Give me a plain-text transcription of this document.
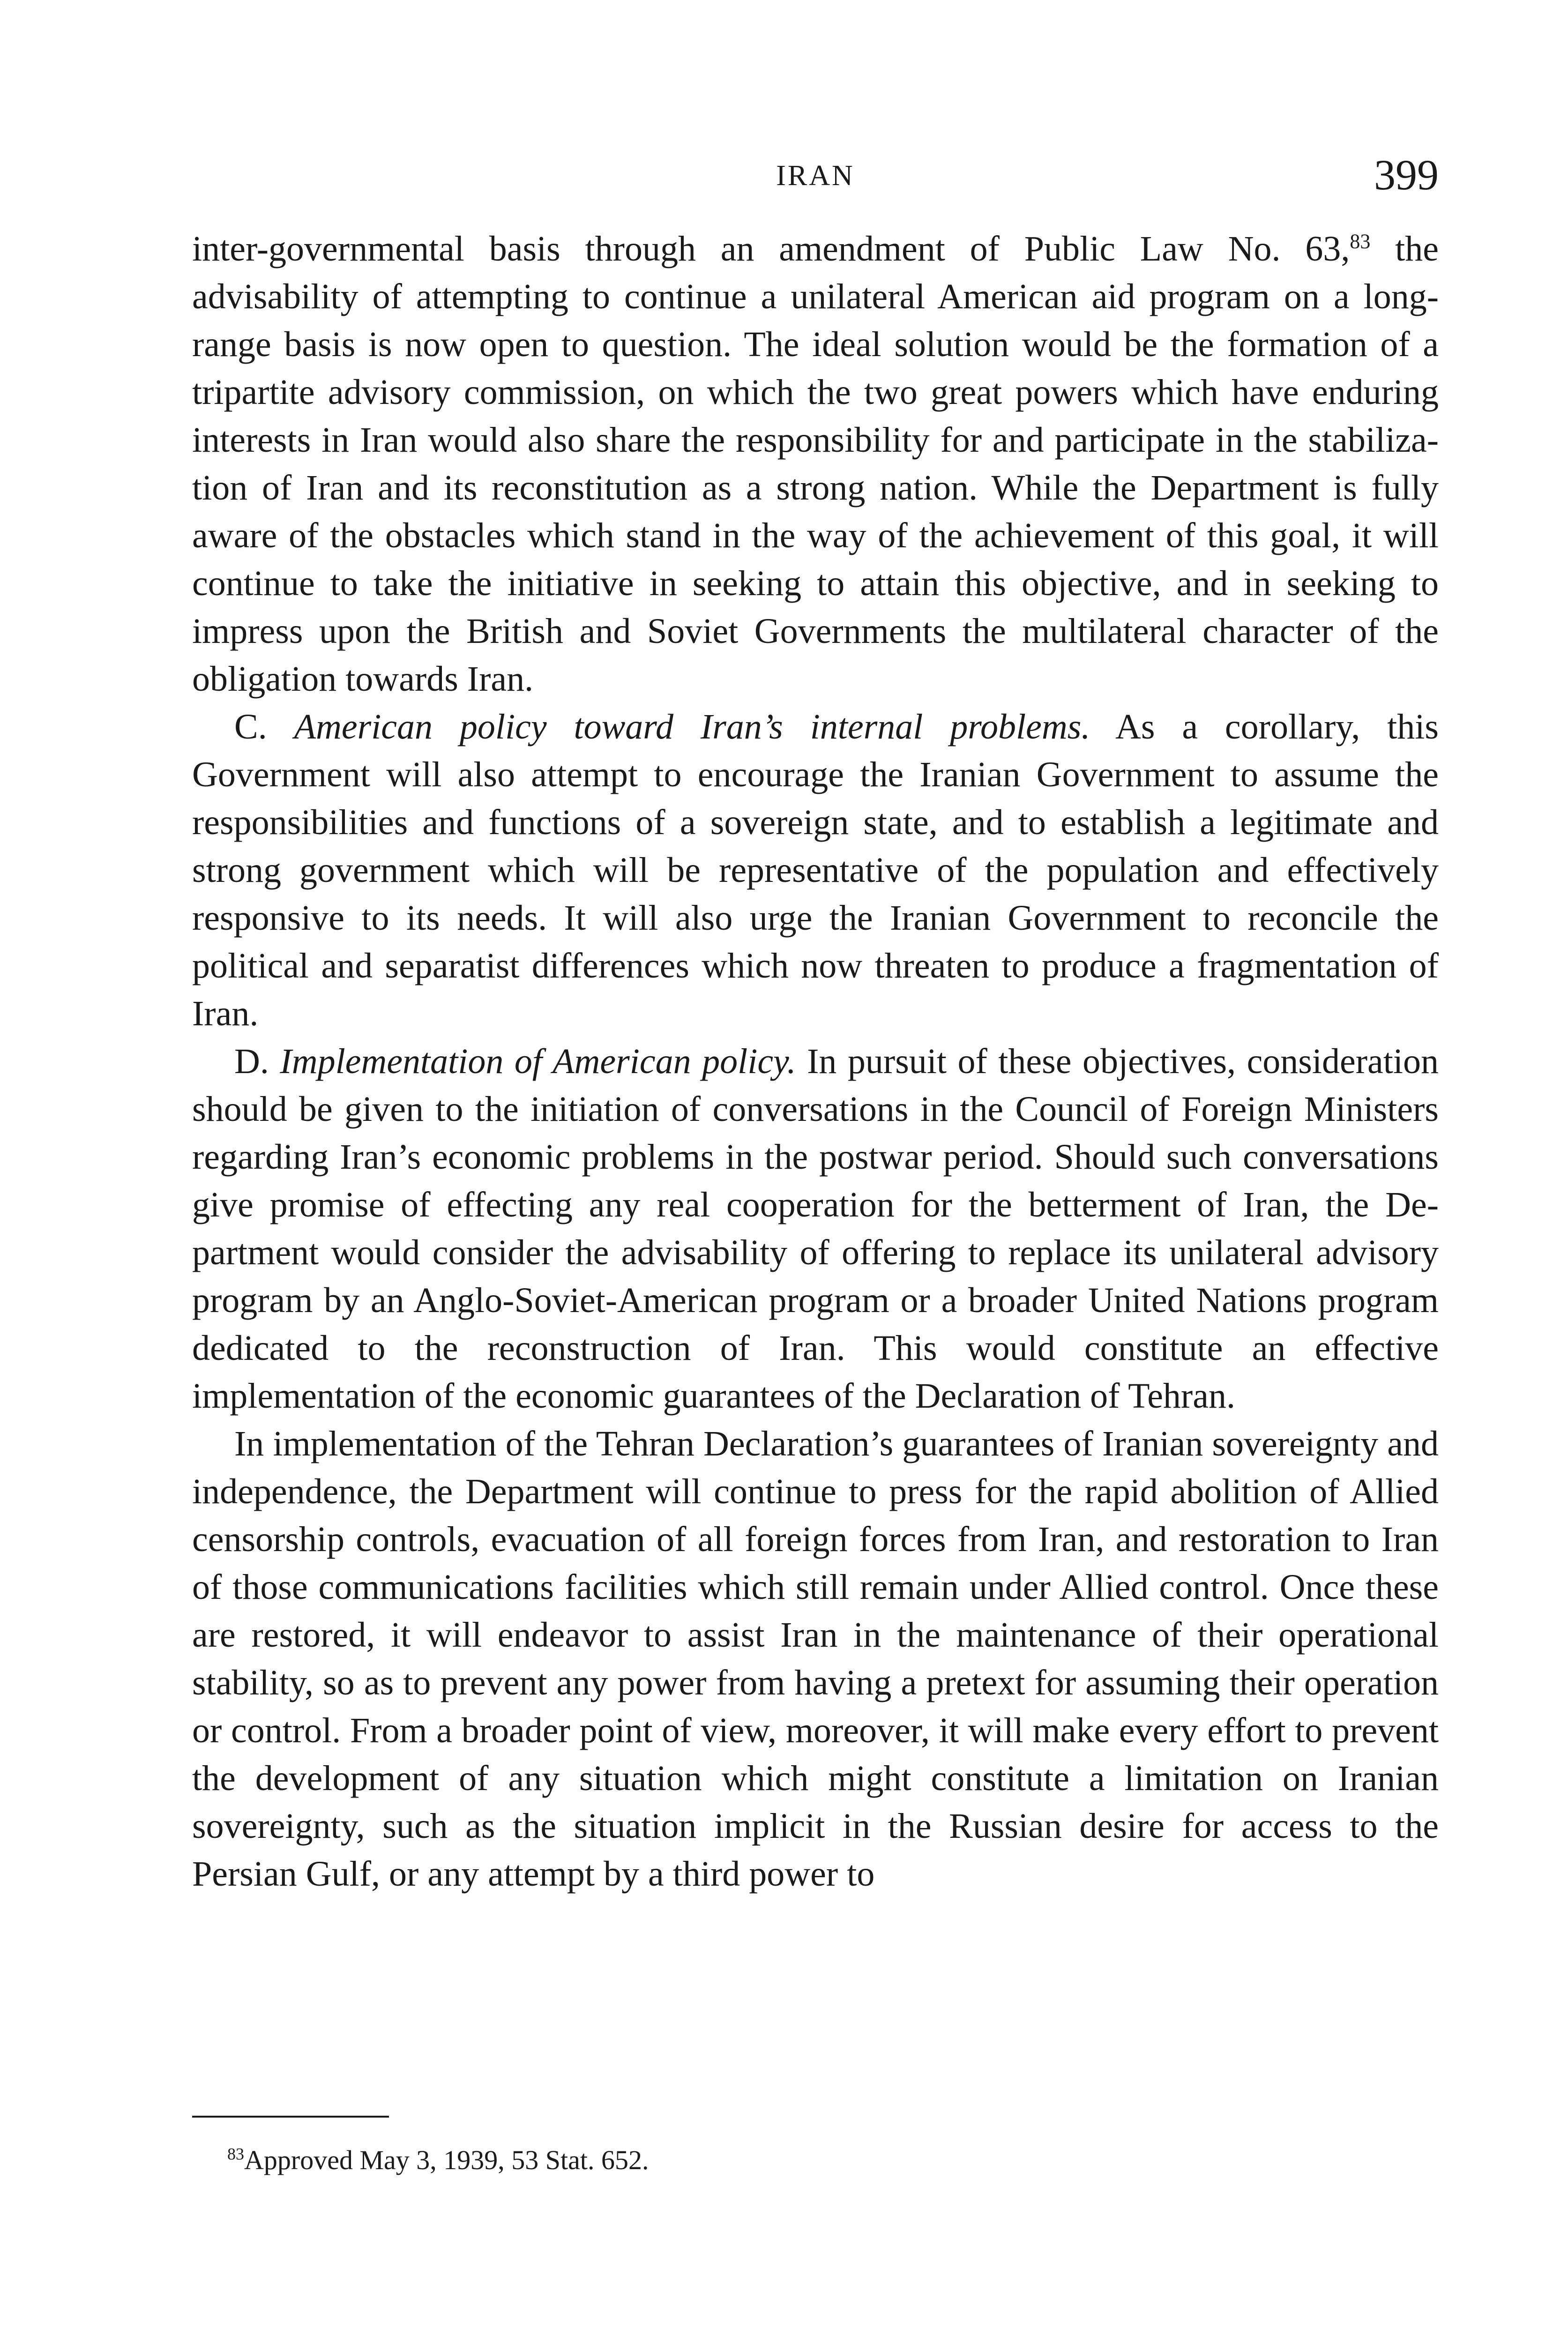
IRAN	399

inter-governmental basis through an amendment of Public Law No. 63,83 the advisability of attempting to continue a unilateral American aid program on a long-range basis is now open to question. The ideal solution would be the formation of a tripartite advisory commission, on which the two great powers which have enduring interests in Iran would also share the responsibility for and participate in the stabilization of Iran and its reconstitution as a strong nation. While the Department is fully aware of the obstacles which stand in the way of the achievement of this goal, it will continue to take the initiative in seeking to attain this objective, and in seeking to impress upon the British and Soviet Governments the multilateral character of the obligation towards Iran.

C. American policy toward Iran’s internal problems. As a corollary, this Government will also attempt to encourage the Iranian Government to assume the responsibilities and functions of a sovereign state, and to establish a legitimate and strong government which will be representative of the population and effectively responsive to its needs. It will also urge the Iranian Government to reconcile the political and separatist differences which now threaten to produce a fragmentation of Iran.

D. Implementation of American policy. In pursuit of these objectives, consideration should be given to the initiation of conversations in the Council of Foreign Ministers regarding Iran’s economic problems in the postwar period. Should such conversations give promise of effecting any real cooperation for the betterment of Iran, the Department would consider the advisability of offering to replace its unilateral advisory program by an Anglo-Soviet-American program or a broader United Nations program dedicated to the reconstruction of Iran. This would constitute an effective implementation of the economic guarantees of the Declaration of Tehran.

In implementation of the Tehran Declaration’s guarantees of Iranian sovereignty and independence, the Department will continue to press for the rapid abolition of Allied censorship controls, evacuation of all foreign forces from Iran, and restoration to Iran of those communications facilities which still remain under Allied control. Once these are restored, it will endeavor to assist Iran in the maintenance of their operational stability, so as to prevent any power from having a pretext for assuming their operation or control. From a broader point of view, moreover, it will make every effort to prevent the development of any situation which might constitute a limitation on Iranian sovereignty, such as the situation implicit in the Russian desire for access to the Persian Gulf, or any attempt by a third power to

$^{83}$Approved May 3, 1939, 53 Stat. 652.
